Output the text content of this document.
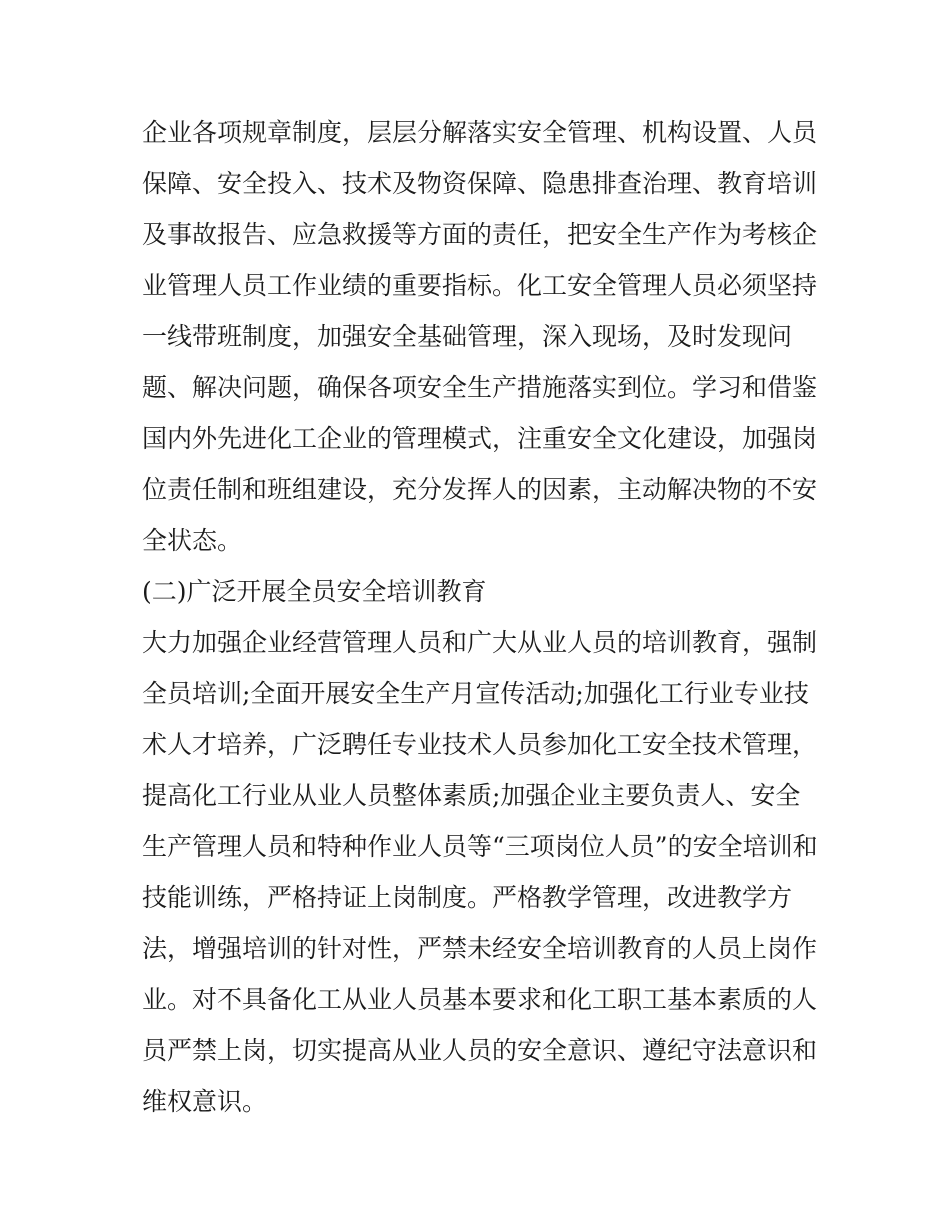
企业各项规章制度，层层分解落实安全管理、机构设置、人员
保障、安全投入、技术及物资保障、隐患排查治理、教育培训
及事故报告、应急救援等方面的责任，把安全生产作为考核企
业管理人员工作业绩的重要指标。化工安全管理人员必须坚持
一线带班制度，加强安全基础管理，深入现场，及时发现问
题、解决问题，确保各项安全生产措施落实到位。学习和借鉴
国内外先进化工企业的管理模式，注重安全文化建设，加强岗
位责任制和班组建设，充分发挥人的因素，主动解决物的不安
全状态。
(二)广泛开展全员安全培训教育
大力加强企业经营管理人员和广大从业人员的培训教育，强制
全员培训;全面开展安全生产月宣传活动;加强化工行业专业技
术人才培养，广泛聘任专业技术人员参加化工安全技术管理，
提高化工行业从业人员整体素质;加强企业主要负责人、安全
生产管理人员和特种作业人员等“三项岗位人员”的安全培训和
技能训练，严格持证上岗制度。严格教学管理，改进教学方
法，增强培训的针对性，严禁未经安全培训教育的人员上岗作
业。对不具备化工从业人员基本要求和化工职工基本素质的人
员严禁上岗，切实提高从业人员的安全意识、遵纪守法意识和
维权意识。
